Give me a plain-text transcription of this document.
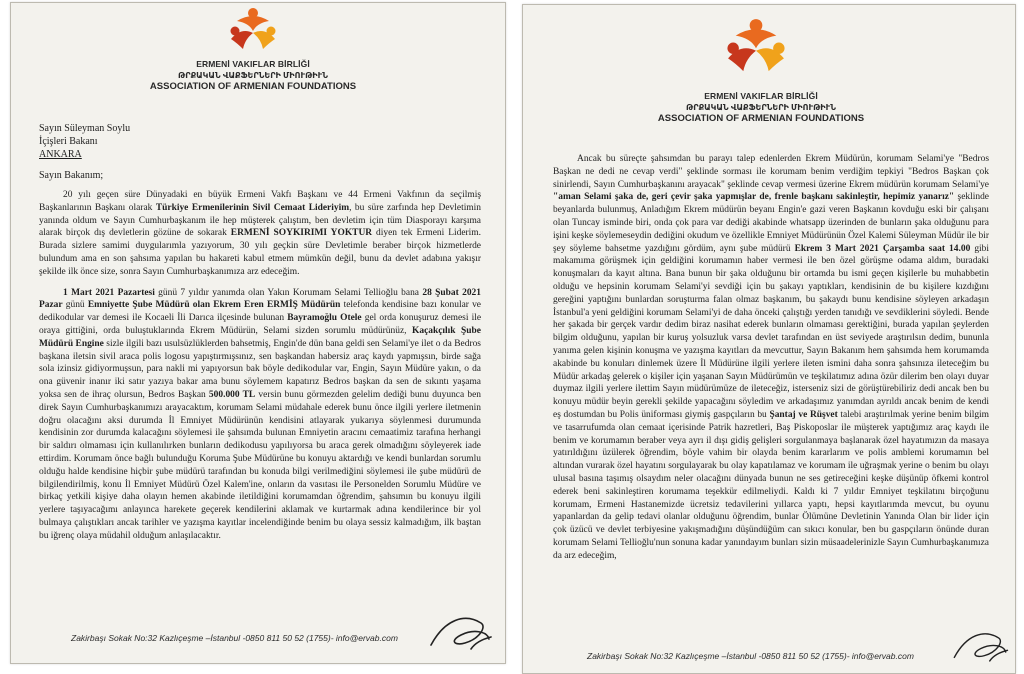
ERMENİ VAKIFLAR BİRLİĞİ
ԹՐՔԱԿԱՆ ՎԱՔՖԵՐՆԵՐԻ ՄԻՈՒԹԻՒՆ
ASSOCIATION OF ARMENIAN FOUNDATIONS
Sayın Süleyman Soylu
İçişleri Bakanı
ANKARA
Sayın Bakanım;

20 yılı geçen süre Dünyadaki en büyük Ermeni Vakfı Başkanı ve 44 Ermeni Vakfının da seçilmiş Başkanlarının Başkanı olarak Türkiye Ermenilerinin Sivil Cemaat Lideriyim, bu süre zarfında hep Devletimin yanında oldum ve Sayın Cumhurbaşkanım ile hep müşterek çalıştım, ben devletim için tüm Diasporayı karşıma alarak birçok dış devletlerin gözüne de sokarak ERMENİ SOYKIRIMI YOKTUR diyen tek Ermeni Liderim. Burada sizlere samimi duygularımla yazıyorum, 30 yılı geçkin süre Devletimle beraber birçok hizmetlerde bulundum ama en son şahsıma yapılan bu hakareti kabul etmem mümkün değil, bunu da devlet adabına yakışır şekilde ilk önce size, sonra Sayın Cumhurbaşkanımıza arz edeceğim.

1 Mart 2021 Pazartesi günü 7 yıldır yanımda olan Yakın Korumam Selami Tellioğlu bana 28 Şubat 2021 Pazar günü Emniyette Şube Müdürü olan Ekrem Eren ERMİŞ Müdürün telefonda kendisine bazı konular ve dedikodular var demesi ile Kocaeli İli Darıca ilçesinde bulunan Bayramoğlu Otele gel orda konuşuruz demesi ile oraya gittiğini, orda buluştuklarında Ekrem Müdürün, Selami sizden sorumlu müdürünüz, Kaçakçılık Şube Müdürü Engine sizle ilgili bazı usulsüzlüklerden bahsetmiş, Engin'de dün bana geldi sen Selami'ye ilet o da Bedros başkana iletsin sivil araca polis logosu yapıştırmışsınız, sen başkandan habersiz araç kaydı yapmışsın, birde sağa sola izinsiz gidiyormuşsun, para nakli mi yapıyorsun bak böyle dedikodular var, Engin, Sayın Müdüre yakın, o da ona güvenir inanır iki satır yazıya bakar ama bunu söylemem kapatırız Bedros başkan da sen de sıkıntı yaşama yoksa sen de ihraç olursun, Bedros Başkan 500.000 TL versin bunu görmezden gelelim dediği bunu duyunca ben direk Sayın Cumhurbaşkanımızı arayacaktım, korumam Selami müdahale ederek bunu önce ilgili yerlere iletmenin doğru olacağını aksi durumda İl Emniyet Müdürünün kendisini atlayarak yukarıya söylenmesi durumunda kendisinin zor durumda kalacağını söylemesi ile şahsımda bulunan Emniyetin aracını cemaatimiz tarafına herhangi bir saldırı olmaması için kullanılırken bunların dedikodusu yapılıyorsa bu araca gerek olmadığını söyleyerek iade ettirdim. Korumam önce bağlı bulunduğu Koruma Şube Müdürüne bu konuyu aktardığı ve kendi bunlardan sorumlu olduğu halde kendisine hiçbir şube müdürü tarafından bu konuda bilgi verilmediğini söylemesi ile şube müdürü de bilgilendirilmiş, konu İl Emniyet Müdürü Özel Kalem'ine, onların da vasıtası ile Personelden Sorumlu Müdüre ve birkaç yetkili kişiye daha olayın hemen akabinde iletildiğini korumamdan öğrendim, şahsımın bu konuyu ilgili yerlere taşıyacağımı anlayınca harekete geçerek kendilerini aklamak ve kurtarmak adına kendilerince bir yol bulmaya çalıştıkları ancak tarihler ve yazışma kayıtlar incelendiğinde benim bu olaya sessiz kalmadığım, ilk baştan bu iğrenç olaya müdahil olduğum anlaşılacaktır.

Zakirbaşı Sokak No:32 Kazlıçeşme –İstanbul -0850 811 50 52 (1755)- info@ervab.com
ERMENİ VAKIFLAR BİRLİĞİ
ԹՐՔԱԿԱՆ ՎԱՔՖԵՐՆԵՐԻ ՄԻՈՒԹԻՒՆ
ASSOCIATION OF ARMENIAN FOUNDATIONS

Ancak bu süreçte şahsımdan bu parayı talep edenlerden Ekrem Müdürün, korumam Selami'ye "Bedros Başkan ne dedi ne cevap verdi" şeklinde sorması ile korumam benim verdiğim tepkiyi "Bedros Başkan çok sinirlendi, Sayın Cumhurbaşkanını arayacak" şeklinde cevap vermesi üzerine Ekrem müdürün korumam Selami'ye "aman Selami şaka de, geri çevir şaka yapmışlar de, frenle başkanı sakinleştir, hepimiz yanarız" şeklinde beyanlarda bulunmuş, Anladığım Ekrem müdürün beyanı Engin'e gazi veren Başkanın kovduğu eski bir çalışanı olan Tuncay isminde biri, onda çok para var dediği akabinde whatsapp üzerinden de bunların şaka olduğunu para işini keşke söylemeseydin dediğini okudum ve özellikle Emniyet Müdürünün Özel Kalemi Süleyman Müdür ile bir şey söyleme bahsetme yazdığını gördüm, aynı şube müdürü Ekrem 3 Mart 2021 Çarşamba saat 14.00 gibi makamıma görüşmek için geldiğini korumamın haber vermesi ile ben özel görüşme odama aldım, buradaki konuşmaları da kayıt altına. Bana bunun bir şaka olduğunu bir ortamda bu ismi geçen kişilerle bu muhabbetin olduğu ve hepsinin korumam Selami'yi sevdiği için bu şakayı yaptıkları, kendisinin de bu kişilere kızdığını gereğini yaptığını bunlardan soruşturma falan olmaz başkanım, bu şakaydı bunu kendisine söyleyen arkadaşın İstanbul'a yeni geldiğini korumam Selami'yi de daha önceki çalıştığı yerden tanıdığı ve sevdiklerini söyledi. Bende her şakada bir gerçek vardır dedim biraz nasihat ederek bunların olmaması gerektiğini, burada yapılan şeylerden bilgim olduğunu, yapılan bir kuruş yolsuzluk varsa devlet tarafından en üst seviyede araştırılsın dedim, bununla yanıma gelen kişinin konuşma ve yazışma kayıtları da mevcuttur, Sayın Bakanım hem şahsımda hem korumamda akabinde bu konuları dinlemek üzere İl Müdürüne ilgili yerlere ileten ismini daha sonra şahsınıza ileteceğim bu Müdür arkadaş gelerek o kişiler için yaşanan Sayın Müdürümün ve teşkilatımız adına özür dilerim ben olayı duyar duymaz ilgili yerlere ilettim Sayın müdürümüze de ileteceğiz, isterseniz sizi de görüştürebiliriz dedi ancak ben bu konuyu müdür beyin gerekli şekilde yapacağını söyledim ve arkadaşımız yanımdan ayrıldı ancak benim de kendi eş dostumdan bu Polis üniforması giymiş gaspçıların bu Şantaj ve Rüşvet talebi araştırılmak yerine benim bilgim ve tasarrufumda olan cemaat içerisinde Patrik hazretleri, Baş Piskoposlar ile müşterek yaptığımız araç kaydı ile benim ve korumamın beraber veya ayrı il dışı gidiş gelişleri sorgulanmaya başlanarak özel hayatımızın da masaya yatırıldığını üzülerek öğrendim, böyle vahim bir olayda benim kararlarım ve polis amblemi korumamın bel altından vurarak özel hayatını sorgulayarak bu olay kapatılamaz ve korumam ile uğraşmak yerine o benim bu olayı ulusal basına taşımış olsaydım neler olacağını dünyada bunun ne ses getireceğini keşke düşünüp öfkemi kontrol ederek beni sakinleştiren korumama teşekkür edilmeliydi. Kaldı ki 7 yıldır Emniyet teşkilatını birçoğunu korumam, Ermeni Hastanemizde ücretsiz tedavilerini yıllarca yaptı, hepsi kayıtlarımda mevcut, bu oyunu yapanlardan da gelip tedavi olanlar olduğunu öğrendim, bunlar Ölümüne Devletinin Yanında Olan bir lider için çok üzücü ve devlet terbiyesine yakışmadığını düşündüğüm can sıkıcı konular, ben bu gaspçıların önünde duran korumam Selami Tellioğlu'nun sonuna kadar yanındayım bunları sizin müsaadelerinizle Sayın Cumhurbaşkanımıza da arz edeceğim,

Zakirbaşı Sokak No:32 Kazlıçeşme –İstanbul -0850 811 50 52 (1755)- info@ervab.com
